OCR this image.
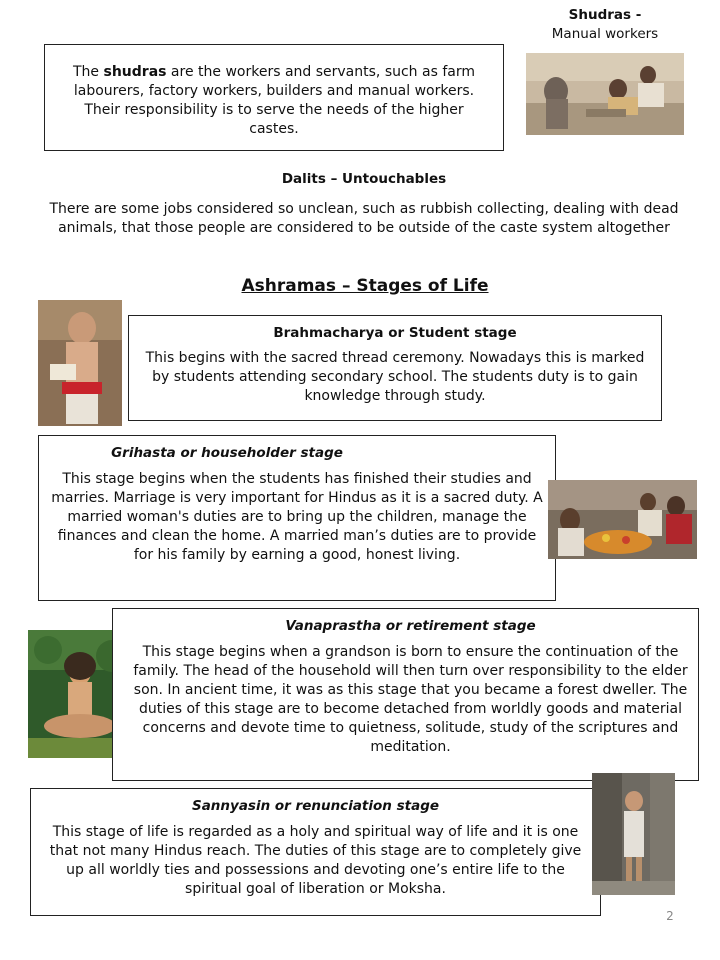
Shudras -
Manual workers

The shudras are the workers and servants, such as farm labourers, factory workers, builders and manual workers. Their responsibility is to serve the needs of the higher castes.

Dalits – Untouchables

There are some jobs considered so unclean, such as rubbish collecting, dealing with dead animals, that those people are considered to be outside of the caste system altogether

Ashramas – Stages of Life

Brahmacharya or Student stage

This begins with the sacred thread ceremony. Nowadays this is marked by students attending secondary school. The students duty is to gain knowledge through study.

Grihasta or householder stage

This stage begins when the students has finished their studies and marries. Marriage is very important for Hindus as it is a sacred duty. A married woman's duties are to bring up the children, manage the finances and clean the home. A married man’s duties are to provide for his family by earning a good, honest living.

Vanaprastha or retirement stage

This stage begins when a grandson is born to ensure the continuation of the family. The head of the household will then turn over responsibility to the elder son. In ancient time, it was as this stage that you became a forest dweller. The duties of this stage are to become detached from worldly goods and material concerns and devote time to quietness, solitude, study of the scriptures and meditation.

Sannyasin or renunciation stage

This stage of life is regarded as a holy and spiritual way of life and it is one that not many Hindus reach. The duties of this stage are to completely give up all worldly ties and possessions and devoting one’s entire life to the spiritual goal of liberation or Moksha.

2
